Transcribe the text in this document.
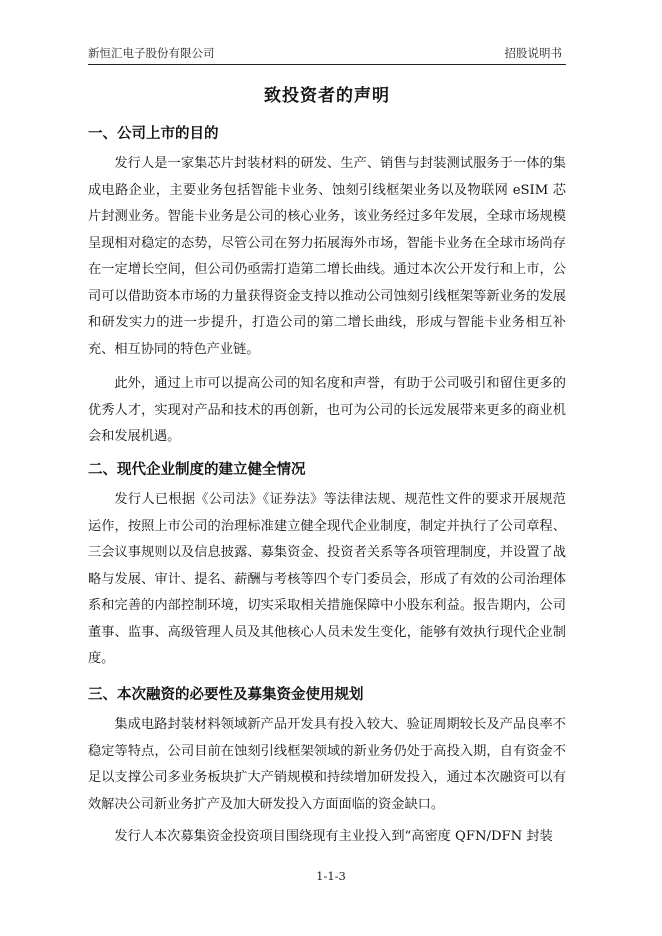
新恒汇电子股份有限公司	招股说明书
致投资者的声明
一、公司上市的目的

发行人是一家集芯片封装材料的研发、生产、销售与封装测试服务于一体的集成电路企业，主要业务包括智能卡业务、蚀刻引线框架业务以及物联网 eSIM 芯片封测业务。智能卡业务是公司的核心业务，该业务经过多年发展，全球市场规模呈现相对稳定的态势，尽管公司在努力拓展海外市场，智能卡业务在全球市场尚存在一定增长空间，但公司仍亟需打造第二增长曲线。通过本次公开发行和上市，公司可以借助资本市场的力量获得资金支持以推动公司蚀刻引线框架等新业务的发展和研发实力的进一步提升，打造公司的第二增长曲线，形成与智能卡业务相互补充、相互协同的特色产业链。

此外，通过上市可以提高公司的知名度和声誉，有助于公司吸引和留住更多的优秀人才，实现对产品和技术的再创新，也可为公司的长远发展带来更多的商业机会和发展机遇。

二、现代企业制度的建立健全情况

发行人已根据《公司法》《证券法》等法律法规、规范性文件的要求开展规范运作，按照上市公司的治理标准建立健全现代企业制度，制定并执行了公司章程、三会议事规则以及信息披露、募集资金、投资者关系等各项管理制度，并设置了战略与发展、审计、提名、薪酬与考核等四个专门委员会，形成了有效的公司治理体系和完善的内部控制环境，切实采取相关措施保障中小股东利益。报告期内，公司董事、监事、高级管理人员及其他核心人员未发生变化，能够有效执行现代企业制度。

三、本次融资的必要性及募集资金使用规划

集成电路封装材料领域新产品开发具有投入较大、验证周期较长及产品良率不稳定等特点，公司目前在蚀刻引线框架领域的新业务仍处于高投入期，自有资金不足以支撑公司多业务板块扩大产销规模和持续增加研发投入，通过本次融资可以有效解决公司新业务扩产及加大研发投入方面面临的资金缺口。

发行人本次募集资金投资项目围绕现有主业投入到“高密度 QFN/DFN 封装

1-1-3
